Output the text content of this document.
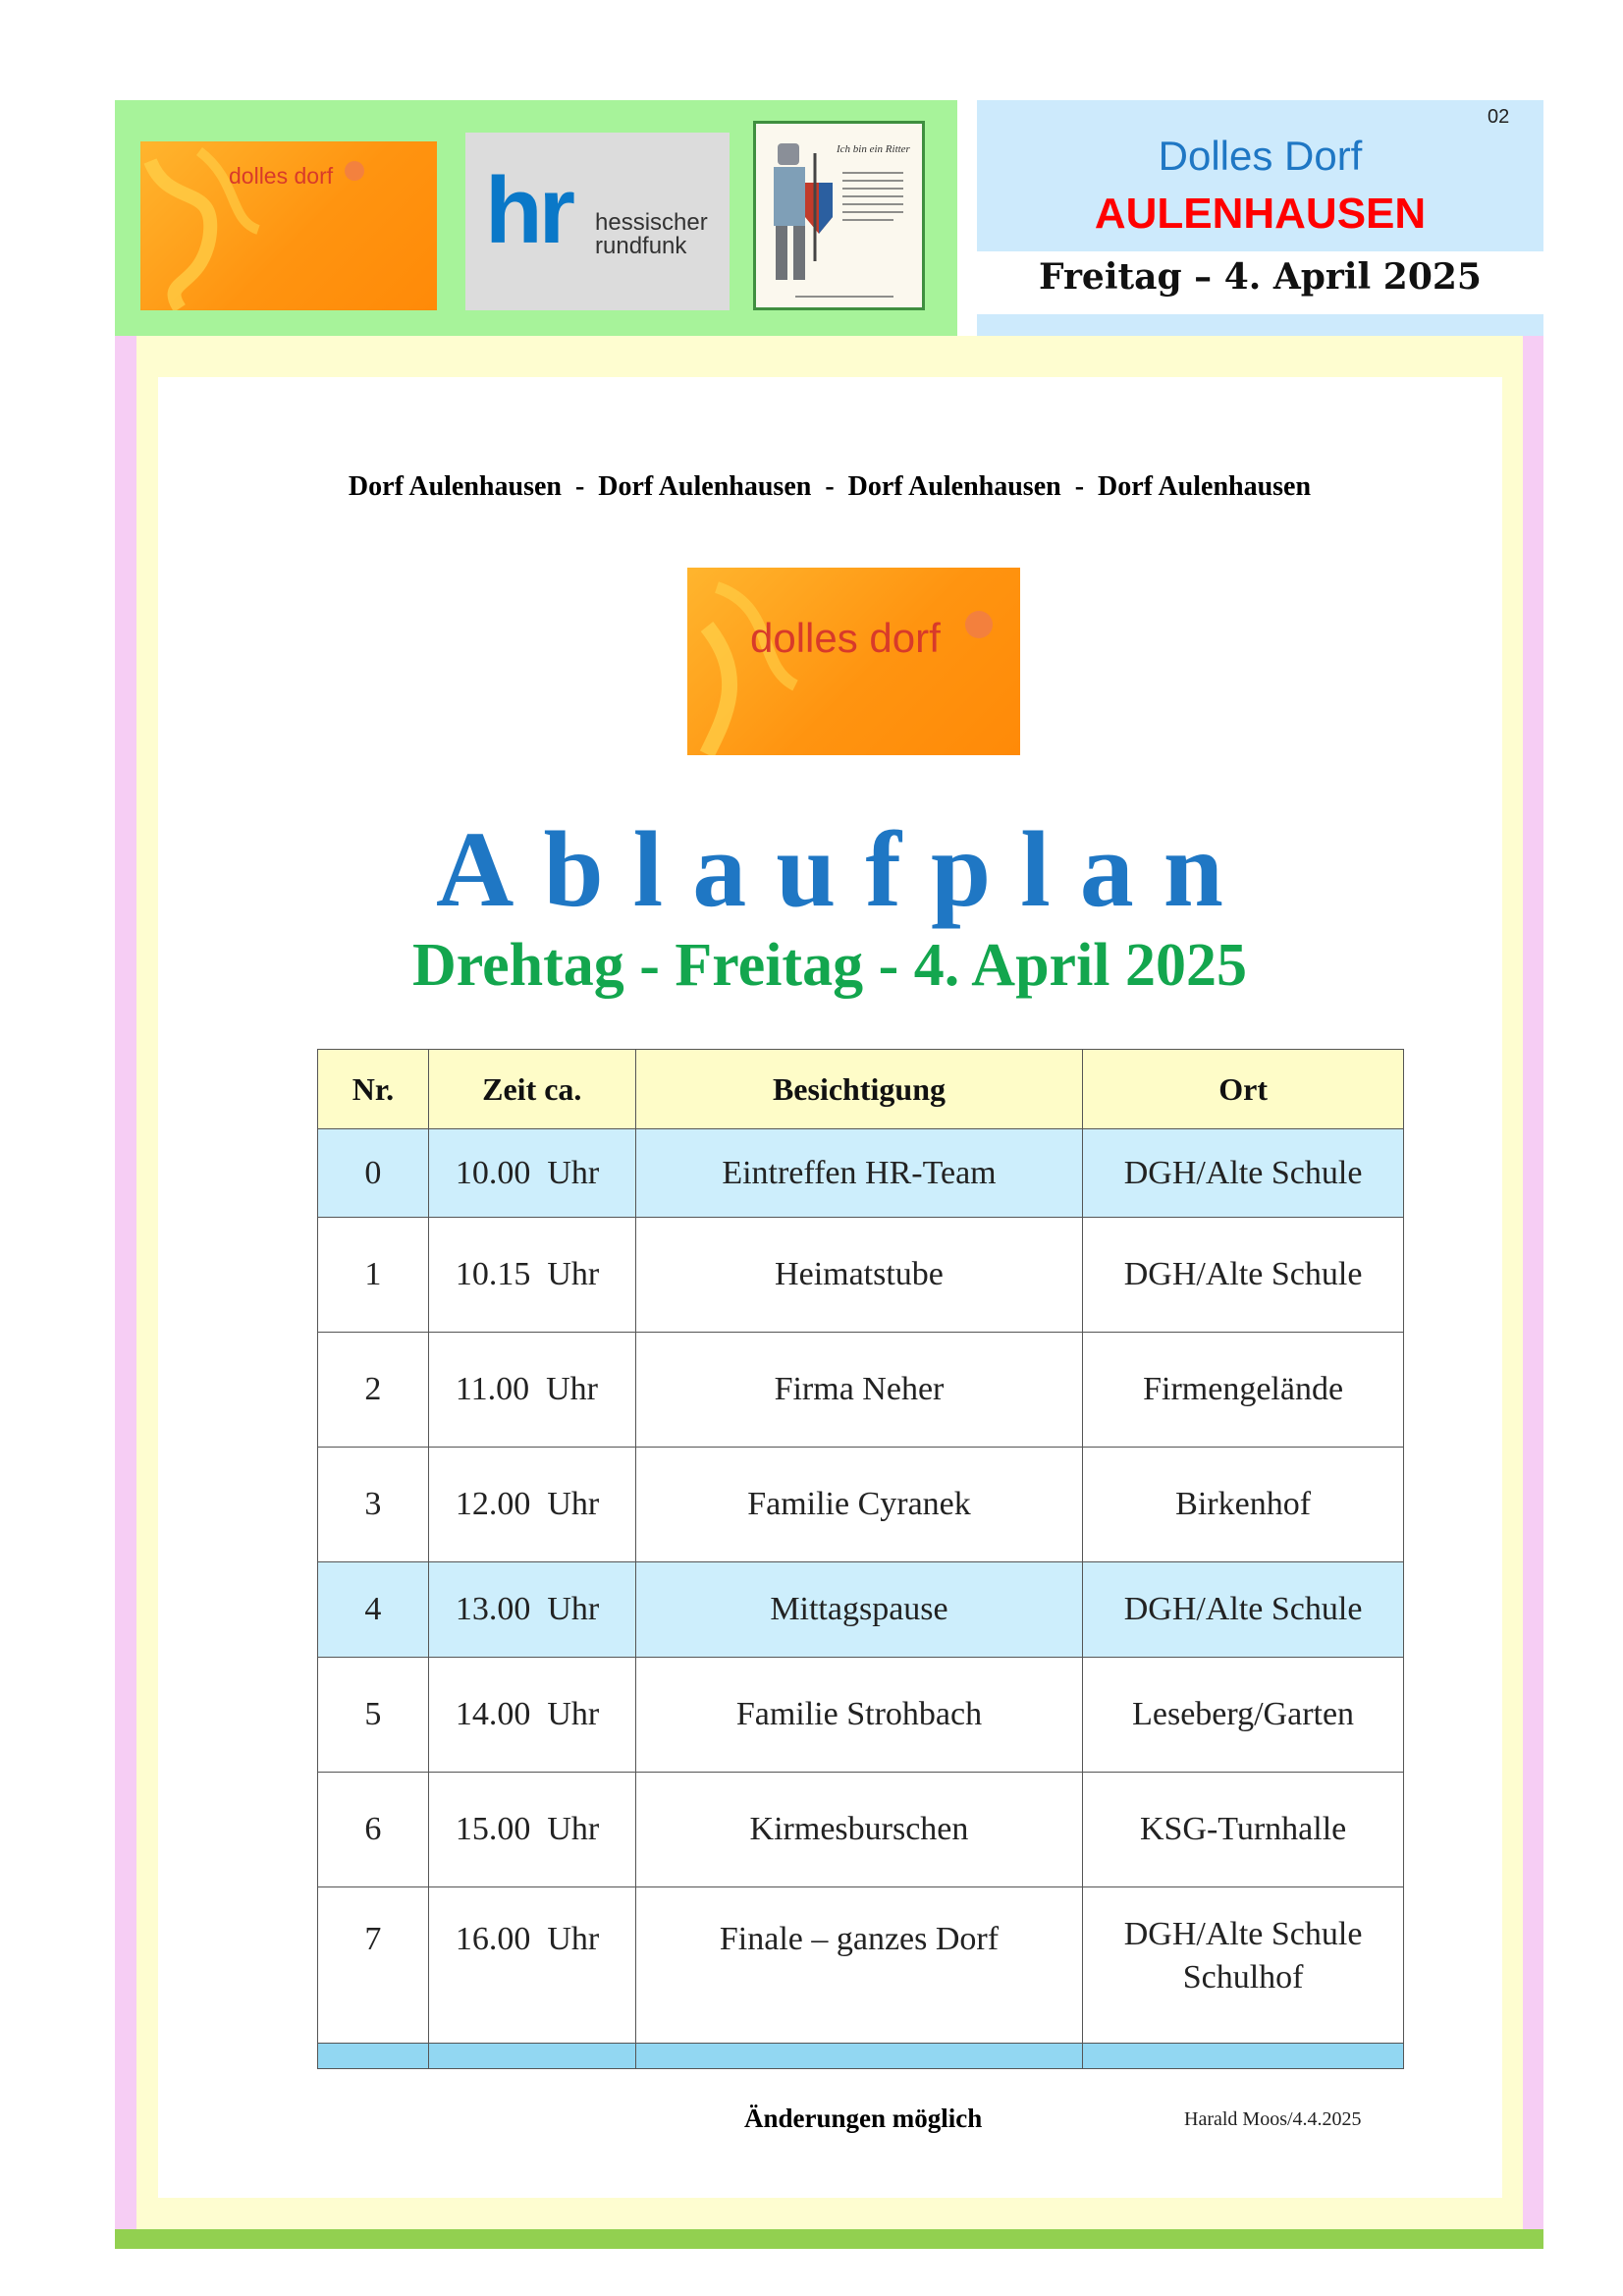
dolles dorf hr hessischer
rundfunk
Ich bin ein Ritter
02
Dolles Dorf
AULENHAUSEN
Freitag – 4. April 2025
Dorf Aulenhausen  -  Dorf Aulenhausen  -  Dorf Aulenhausen  -  Dorf Aulenhausen
dolles dorf
Ablaufplan
Drehtag - Freitag - 4. April 2025
Nr.	Zeit ca.	Besichtigung	Ort
0	10.00  Uhr	Eintreffen HR-Team	DGH/Alte Schule
1	10.15  Uhr	Heimatstube	DGH/Alte Schule
2	11.00  Uhr	Firma Neher	Firmengelände
3	12.00  Uhr	Familie Cyranek	Birkenhof
4	13.00  Uhr	Mittagspause	DGH/Alte Schule
5	14.00  Uhr	Familie Strohbach	Leseberg/Garten
6	15.00  Uhr	Kirmesburschen	KSG-Turnhalle
7	16.00  Uhr	Finale – ganzes Dorf	DGH/Alte Schule
Schulhof

Änderungen möglich	Harald Moos/4.4.2025
